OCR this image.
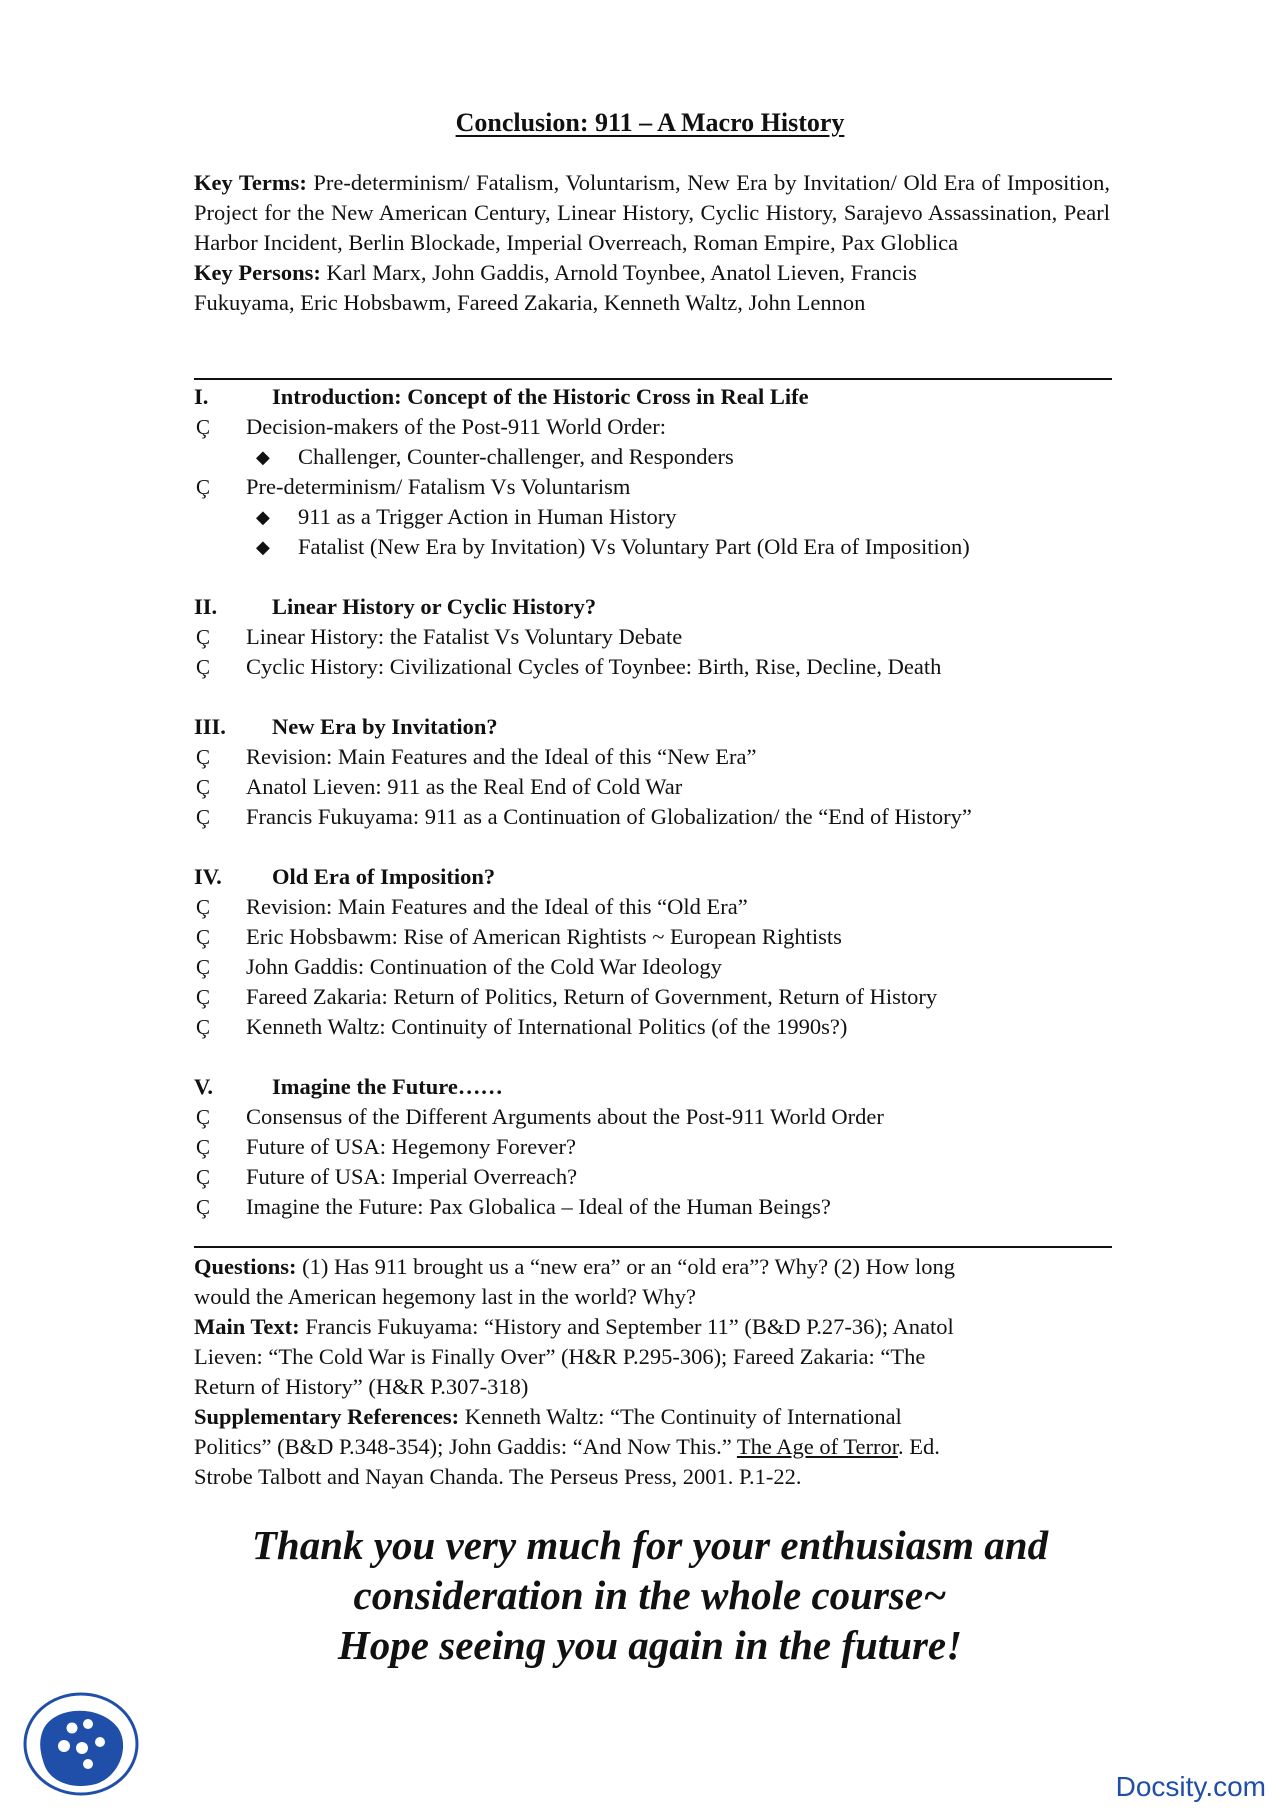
Conclusion: 911 – A Macro History

Key Terms: Pre-determinism/ Fatalism, Voluntarism, New Era by Invitation/ Old Era of Imposition, Project for the New American Century, Linear History, Cyclic History, Sarajevo Assassination, Pearl Harbor Incident, Berlin Blockade, Imperial Overreach, Roman Empire, Pax Globlica

Key Persons: Karl Marx, John Gaddis, Arnold Toynbee, Anatol Lieven, Francis
Fukuyama, Eric Hobsbawm, Fareed Zakaria, Kenneth Waltz, John Lennon

I.	Introduction: Concept of the Historic Cross in Real Life
Ç Decision-makers of the Post-911 World Order:
◆ Challenger, Counter-challenger, and Responders
Ç Pre-determinism/ Fatalism Vs Voluntarism
◆ 911 as a Trigger Action in Human History
◆ Fatalist (New Era by Invitation) Vs Voluntary Part (Old Era of Imposition)
II. Linear History or Cyclic History?
Ç Linear History: the Fatalist Vs Voluntary Debate
Ç Cyclic History: Civilizational Cycles of Toynbee: Birth, Rise, Decline, Death
III. New Era by Invitation?
Ç Revision: Main Features and the Ideal of this “New Era”
Ç Anatol Lieven: 911 as the Real End of Cold War
Ç Francis Fukuyama: 911 as a Continuation of Globalization/ the “End of History”
IV. Old Era of Imposition?
Ç Revision: Main Features and the Ideal of this “Old Era”
Ç Eric Hobsbawm: Rise of American Rightists ~ European Rightists
Ç John Gaddis: Continuation of the Cold War Ideology
Ç Fareed Zakaria: Return of Politics, Return of Government, Return of History
Ç Kenneth Waltz: Continuity of International Politics (of the 1990s?)
V.	Imagine the Future……
Ç Consensus of the Different Arguments about the Post-911 World Order
Ç Future of USA: Hegemony Forever?
Ç Future of USA: Imperial Overreach?
Ç Imagine the Future: Pax Globalica – Ideal of the Human Beings?

Questions: (1) Has 911 brought us a “new era” or an “old era”? Why? (2) How long
would the American hegemony last in the world? Why?

Main Text: Francis Fukuyama: “History and September 11” (B&D P.27-36); Anatol
Lieven: “The Cold War is Finally Over” (H&R P.295-306); Fareed Zakaria: “The
Return of History” (H&R P.307-318)

Supplementary References: Kenneth Waltz: “The Continuity of International
Politics” (B&D P.348-354); John Gaddis: “And Now This.” The Age of Terror. Ed.
Strobe Talbott and Nayan Chanda. The Perseus Press, 2001. P.1-22.

Thank you very much for your enthusiasm and
consideration in the whole course~
Hope seeing you again in the future!
Docsity.com
